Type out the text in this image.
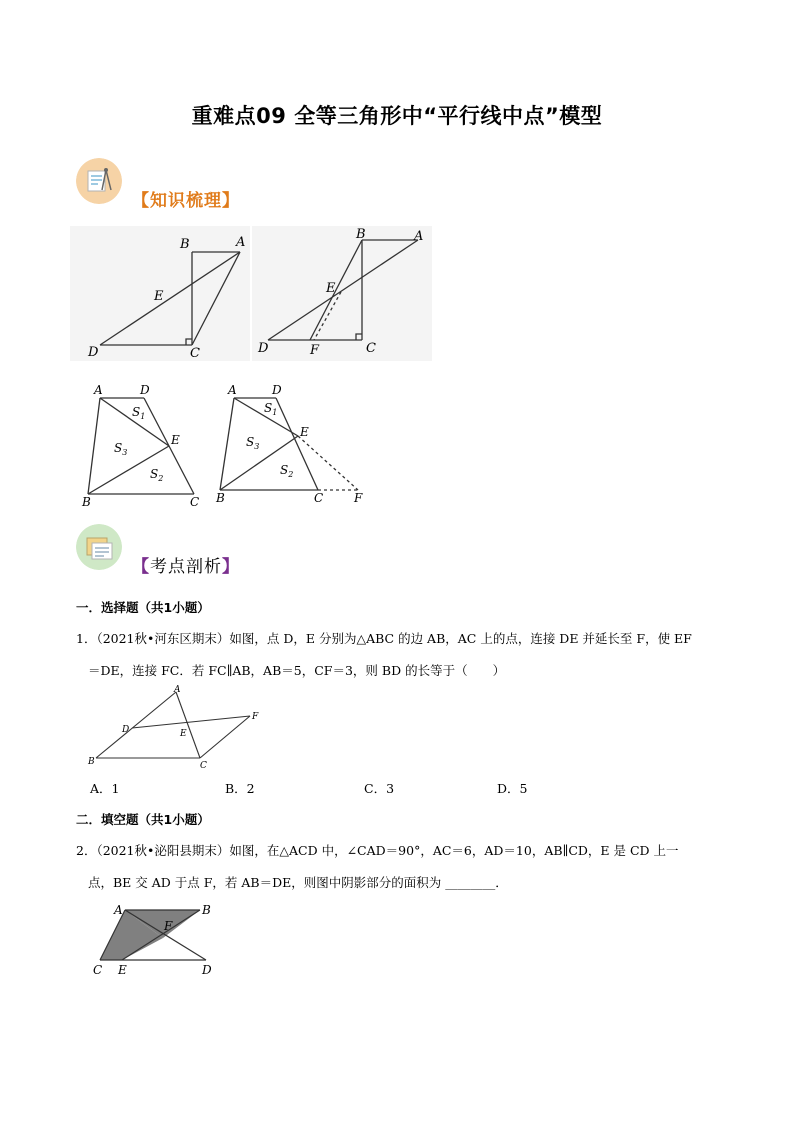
重难点09 全等三角形中“平行线中点”模型
【知识梳理】
B	A
E
D	C
B	A
E
D	F	C
A	D
$S_1$
$S_3$
E
$S_2$
B	C
A	D
$S_1$
$S_3$
E
$S_2$
B	C	F
【考点剖析】
一．选择题（共1小题）
1．（2021秋•河东区期末）如图，点 D，E 分别为△ABC 的边 AB，AC 上的点，连接 DE 并延长至 F，使 EF
＝DE，连接 FC．若 FC∥AB，AB＝5，CF＝3，则 BD 的长等于（　　）
A
D
F
E
B	C
A．1	B．2	C．3	D．5
二．填空题（共1小题）
2．（2021秋•泌阳县期末）如图，在△ACD 中，∠CAD＝90°，AC＝6，AD＝10，AB∥CD，E 是 CD 上一
点，BE 交 AD 于点 F，若 AB＝DE，则图中阴影部分的面积为 ________．
A	B
F
C E	D
